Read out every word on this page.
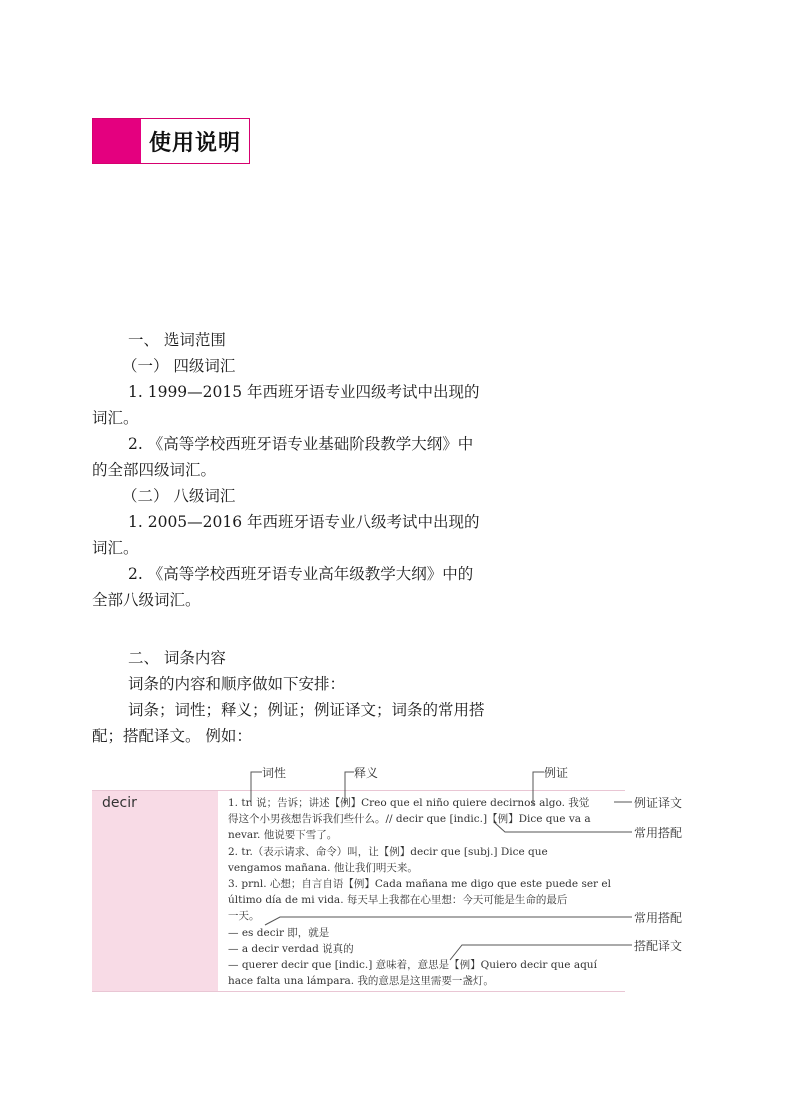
使用说明
一、 选词范围
（一） 四级词汇
1. 1999—2015 年西班牙语专业四级考试中出现的
词汇。
2. 《高等学校西班牙语专业基础阶段教学大纲》中
的全部四级词汇。
（二） 八级词汇
1. 2005—2016 年西班牙语专业八级考试中出现的
词汇。
2. 《高等学校西班牙语专业高年级教学大纲》中的
全部八级词汇。
二、 词条内容
词条的内容和顺序做如下安排：
词条；词性；释义；例证；例证译文；词条的常用搭
配；搭配译文。 例如：
decir	1. tr. 说；告诉；讲述【例】Creo que el niño quiere decirnos algo. 我觉
得这个小男孩想告诉我们些什么。// decir que [indic.]【例】Dice que va a
nevar. 他说要下雪了。
2. tr.（表示请求、命令）叫，让【例】decir que [subj.] Dice que
vengamos mañana. 他让我们明天来。
3. prnl. 心想；自言自语【例】Cada mañana me digo que este puede ser el
último día de mi vida. 每天早上我都在心里想：今天可能是生命的最后
一天。
— es decir 即，就是
— a decir verdad 说真的
— querer decir que [indic.] 意味着，意思是【例】Quiero decir que aquí
hace falta una lámpara. 我的意思是这里需要一盏灯。
词性	释义	例证
例证译文
常用搭配
常用搭配
搭配译文
